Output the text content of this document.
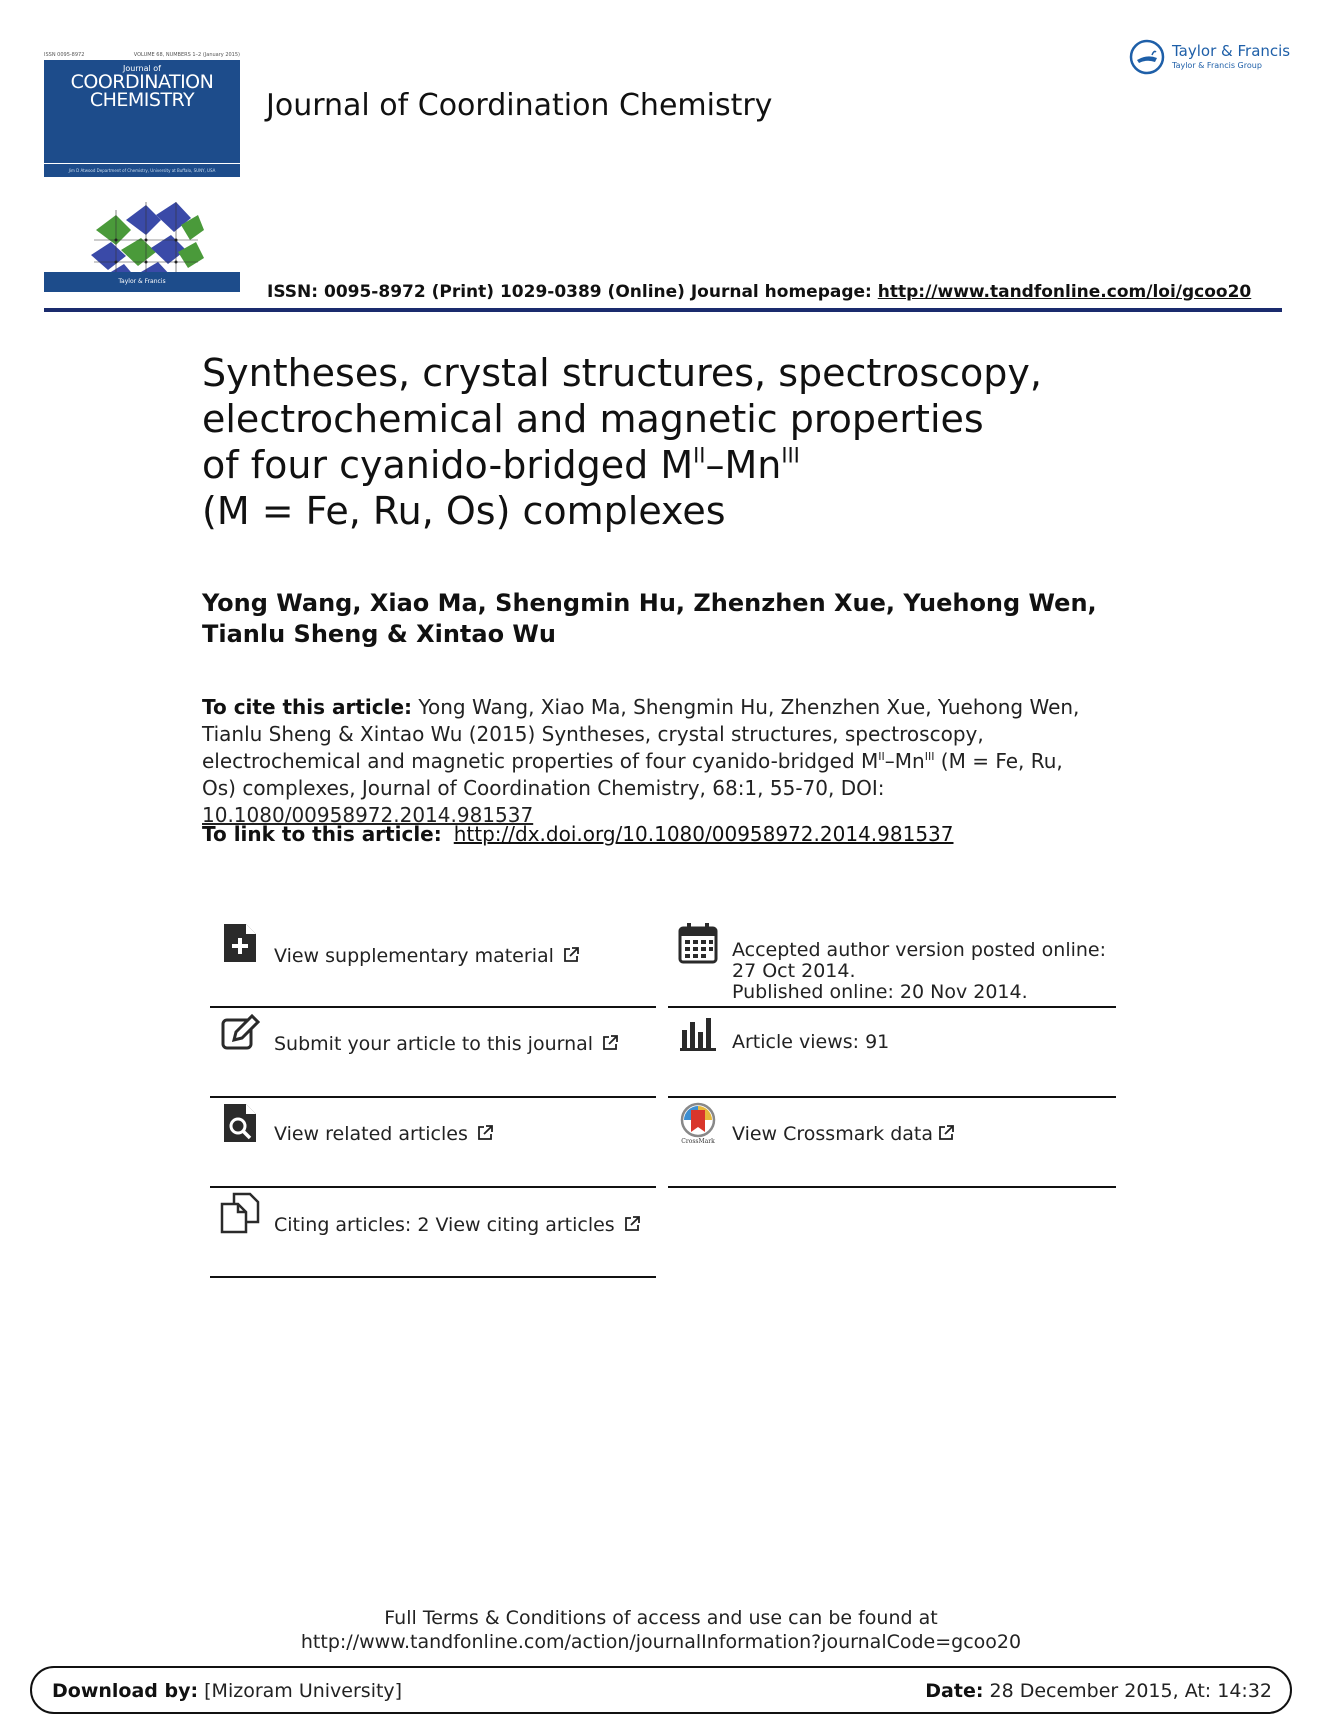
ISSN 0095-8972	VOLUME 68, NUMBERS 1–2 (January 2015)
Journal of
COORDINATION
CHEMISTRY
Jim D Atwood Department of Chemistry, University at Buffalo, SUNY, USA
Taylor & Francis
Journal of Coordination Chemistry
Taylor & Francis
Taylor & Francis Group
ISSN: 0095-8972 (Print) 1029-0389 (Online) Journal homepage: http://www.tandfonline.com/loi/gcoo20
Syntheses, crystal structures, spectroscopy,
electrochemical and magnetic properties
of four cyanido-bridged $M^{II}-Mn^{III}$
(M = Fe, Ru, Os) complexes
Yong Wang, Xiao Ma, Shengmin Hu, Zhenzhen Xue, Yuehong Wen, Tianlu Sheng & Xintao Wu
To cite this article: Yong Wang, Xiao Ma, Shengmin Hu, Zhenzhen Xue, Yuehong Wen, Tianlu Sheng & Xintao Wu (2015) Syntheses, crystal structures, spectroscopy, electrochemical and magnetic properties of four cyanido-bridged $M^{II}-Mn^{III}$ (M = Fe, Ru, Os) complexes, Journal of Coordination Chemistry, 68:1, 55-70, DOI: 10.1080/00958972.2014.981537
To link to this article: http://dx.doi.org/10.1080/00958972.2014.981537
View supplementary material
Submit your article to this journal
View related articles
Citing articles: 2 View citing articles
Accepted author version posted online: 27 Oct 2014.
Published online: 20 Nov 2014.
Article views: 91
CrossMark View Crossmark data
Full Terms & Conditions of access and use can be found at
http://www.tandfonline.com/action/journalInformation?journalCode=gcoo20
Download by: [Mizoram University]	Date: 28 December 2015, At: 14:32
